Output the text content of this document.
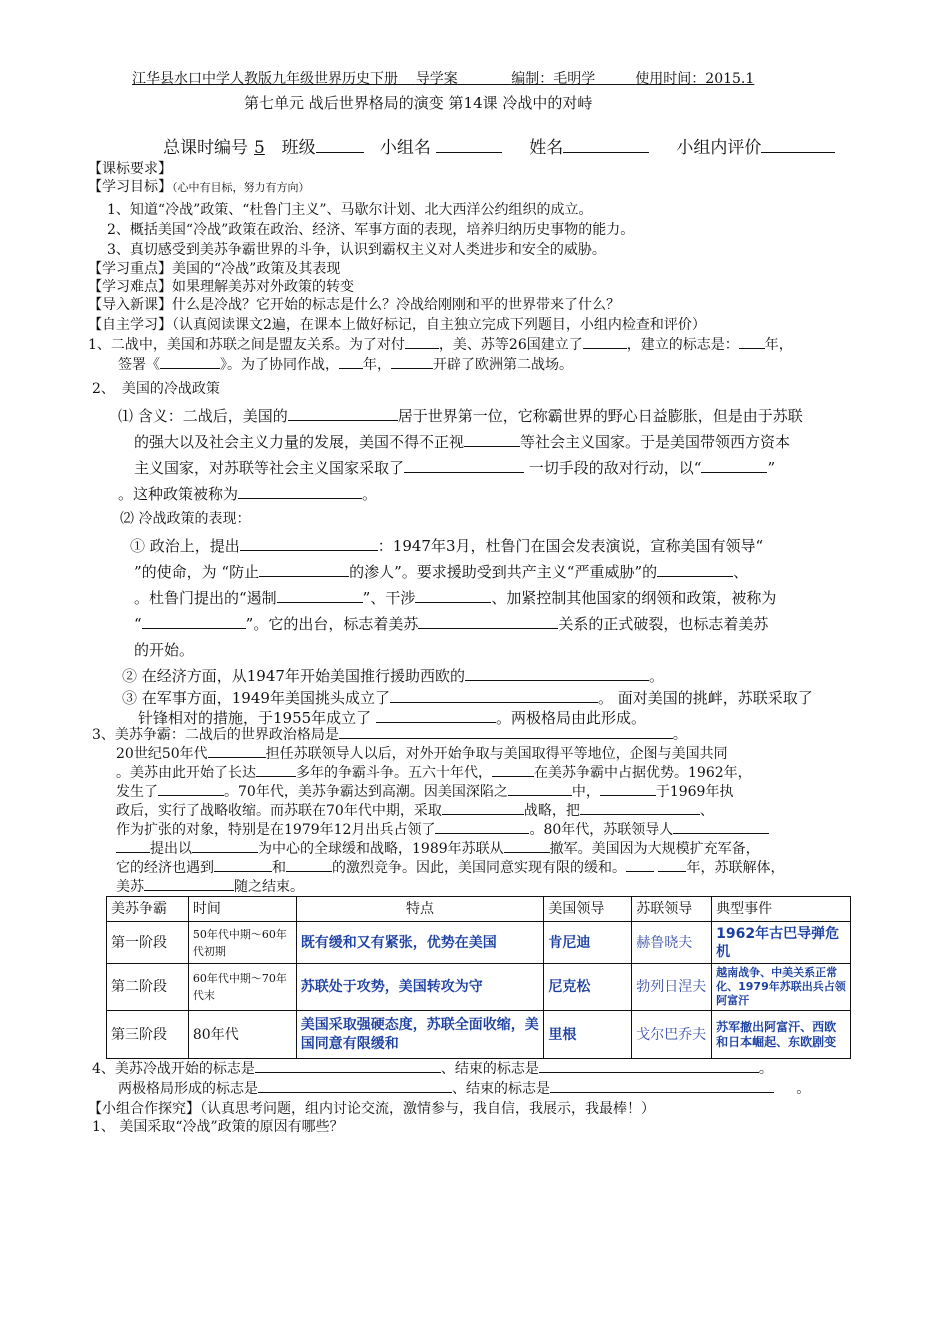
江华县水口中学人教版九年级世界历史下册 导学案	编制：毛明学	使用时间：2015.1
第七单元 战后世界格局的演变 第14课 冷战中的对峙
总课时编号 5 班级	小组名	姓名	小组内评价
【课标要求】
【学习目标】（心中有目标，努力有方向）
1、知道“冷战”政策、“杜鲁门主义”、马歇尔计划、北大西洋公约组织的成立。
2、概括美国“冷战”政策在政治、经济、军事方面的表现，培养归纳历史事物的能力。
3、真切感受到美苏争霸世界的斗争，认识到霸权主义对人类进步和安全的威胁。
【学习重点】美国的“冷战”政策及其表现
【学习难点】如果理解美苏对外政策的转变
【导入新课】什么是冷战？它开始的标志是什么？冷战给刚刚和平的世界带来了什么？
【自主学习】（认真阅读课文2遍，在课本上做好标记，自主独立完成下列题目，小组内检查和评价）
1、二战中，美国和苏联之间是盟友关系。为了对付 ，美、苏等26国建立了	，建立的标志是： 年，
签署《	》。为了协同作战， 年，	开辟了欧洲第二战场。
2、　美国的冷战政策
⑴ 含义：二战后，美国的	居于世界第一位，它称霸世界的野心日益膨胀，但是由于苏联
的强大以及社会主义力量的发展，美国不得不正视	等社会主义国家。于是美国带领西方资本
主义国家，对苏联等社会主义国家采取了	一切手段的敌对行动，以“	”
。这种政策被称为	。
⑵ 冷战政策的表现：
① 政治上，提出	：1947年3月，杜鲁门在国会发表演说，宣称美国有领导“
”的使命，为 “防止	的渗人”。要求援助受到共产主义“严重威胁”的	、
。杜鲁门提出的“遏制	”、干涉	、加紧控制其他国家的纲领和政策，被称为
“	”。它的出台，标志着美苏	关系的正式破裂，也标志着美苏
的开始。
② 在经济方面，从1947年开始美国推行援助西欧的	。
③ 在军事方面，1949年美国挑头成立了	。 面对美国的挑衅，苏联采取了
针锋相对的措施，于1955年成立了	。两极格局由此形成。
3、美苏争霸：二战后的世界政治格局是	。
20世纪50年代	担任苏联领导人以后，对外开始争取与美国取得平等地位，企图与美国共同
。美苏由此开始了长达	多年的争霸斗争。五六十年代，	在美苏争霸中占据优势。1962年，
发生了	。70年代，美苏争霸达到高潮。因美国深陷之	中，	于1969年执
政后，实行了战略收缩。而苏联在70年代中期，采取	战略，把	、
作为扩张的对象，特别是在1979年12月出兵占领了	。80年代，苏联领导人
提出以	为中心的全球缓和战略，1989年苏联从	撤军。美国因为大规模扩充军备，
它的经济也遇到	和	的激烈竞争。因此，美国同意实现有限的缓和。	年，苏联解体，
美苏	随之结束。
美苏争霸	时间	特点	美国领导	苏联领导	典型事件
第一阶段	50年代中期～60年代初期	既有缓和又有紧张，优势在美国	肯尼迪	赫鲁晓夫	1962年古巴导弹危机
第二阶段	60年代中期～70年代末	苏联处于攻势，美国转攻为守	尼克松	勃列日涅夫	越南战争、中美关系正常化、1979年苏联出兵占领阿富汗
第三阶段	80年代	美国采取强硬态度，苏联全面收缩，美国同意有限缓和	里根	戈尔巴乔夫	苏军撤出阿富汗、西欧和日本崛起、东欧剧变
4、美苏冷战开始的标志是	、结束的标志是	。
两极格局形成的标志是	、结束的标志是	。
【小组合作探究】（认真思考问题，组内讨论交流，激情参与，我自信，我展示，我最棒！）
1、 美国采取“冷战”政策的原因有哪些？
